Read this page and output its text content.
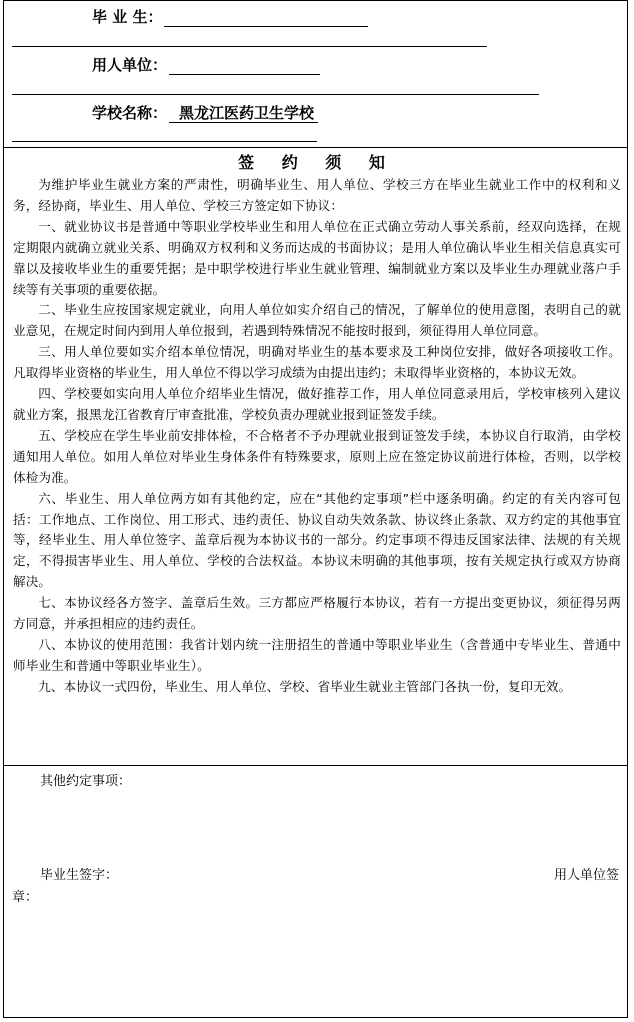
毕 业 生：
用人单位：
学校名称： 黑龙江医药卫生学校
签 约 须 知

为维护毕业生就业方案的严肃性，明确毕业生、用人单位、学校三方在毕业生就业工作中的权利和义务，经协商，毕业生、用人单位、学校三方签定如下协议：

一、就业协议书是普通中等职业学校毕业生和用人单位在正式确立劳动人事关系前，经双向选择，在规定期限内就确立就业关系、明确双方权利和义务而达成的书面协议；是用人单位确认毕业生相关信息真实可靠以及接收毕业生的重要凭据；是中职学校进行毕业生就业管理、编制就业方案以及毕业生办理就业落户手续等有关事项的重要依据。

二、毕业生应按国家规定就业，向用人单位如实介绍自己的情况，了解单位的使用意图，表明自己的就业意见，在规定时间内到用人单位报到，若遇到特殊情况不能按时报到，须征得用人单位同意。

三、用人单位要如实介绍本单位情况，明确对毕业生的基本要求及工种岗位安排，做好各项接收工作。凡取得毕业资格的毕业生，用人单位不得以学习成绩为由提出违约；未取得毕业资格的，本协议无效。

四、学校要如实向用人单位介绍毕业生情况，做好推荐工作，用人单位同意录用后，学校审核列入建议就业方案，报黑龙江省教育厅审查批准，学校负责办理就业报到证签发手续。

五、学校应在学生毕业前安排体检，不合格者不予办理就业报到证签发手续，本协议自行取消，由学校通知用人单位。如用人单位对毕业生身体条件有特殊要求，原则上应在签定协议前进行体检，否则，以学校体检为准。

六、毕业生、用人单位两方如有其他约定，应在“其他约定事项”栏中逐条明确。约定的有关内容可包括：工作地点、工作岗位、用工形式、违约责任、协议自动失效条款、协议终止条款、双方约定的其他事宜等，经毕业生、用人单位签字、盖章后视为本协议书的一部分。约定事项不得违反国家法律、法规的有关规定，不得损害毕业生、用人单位、学校的合法权益。本协议未明确的其他事项，按有关规定执行或双方协商解决。

七、本协议经各方签字、盖章后生效。三方都应严格履行本协议，若有一方提出变更协议，须征得另两方同意，并承担相应的违约责任。

八、本协议的使用范围：我省计划内统一注册招生的普通中等职业毕业生（含普通中专毕业生、普通中师毕业生和普通中等职业毕业生）。

九、本协议一式四份，毕业生、用人单位、学校、省毕业生就业主管部门各执一份，复印无效。

其他约定事项：
毕业生签字：	用人单位签
章：
